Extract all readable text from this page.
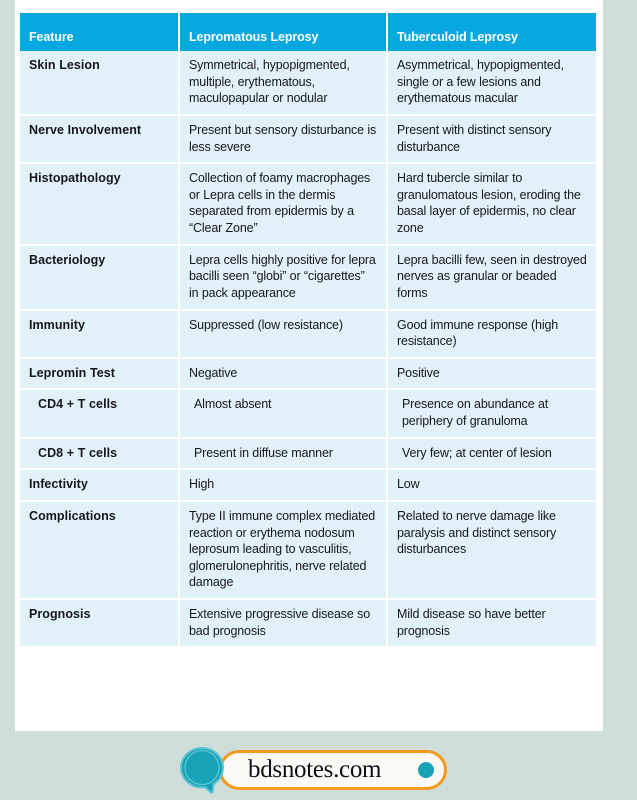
Feature	Lepromatous Leprosy	Tuberculoid Leprosy
Skin Lesion	Symmetrical, hypopigmented, multiple, erythematous, maculopapular or nodular	Asymmetrical, hypopigmented, single or a few lesions and erythematous macular
Nerve Involvement	Present but sensory disturbance is less severe	Present with distinct sensory disturbance
Histopathology	Collection of foamy macrophages or Lepra cells in the dermis separated from epidermis by a “Clear Zone”	Hard tubercle similar to granulomatous lesion, eroding the basal layer of epidermis, no clear zone
Bacteriology	Lepra cells highly positive for lepra bacilli seen “globi” or “cigarettes” in pack appearance	Lepra bacilli few, seen in destroyed nerves as granular or beaded forms
Immunity	Suppressed (low resistance)	Good immune response (high resistance)
Lepromin Test	Negative	Positive
CD4 + T cells	Almost absent	Presence on abundance at periphery of granuloma
CD8 + T cells	Present in diffuse manner	Very few; at center of lesion
Infectivity	High	Low
Complications	Type II immune complex mediated reaction or erythema nodosum leprosum leading to vasculitis, glomerulonephritis, nerve related damage	Related to nerve damage like paralysis and distinct sensory disturbances
Prognosis	Extensive progressive disease so bad prognosis	Mild disease so have better prognosis
bdsnotes.com
